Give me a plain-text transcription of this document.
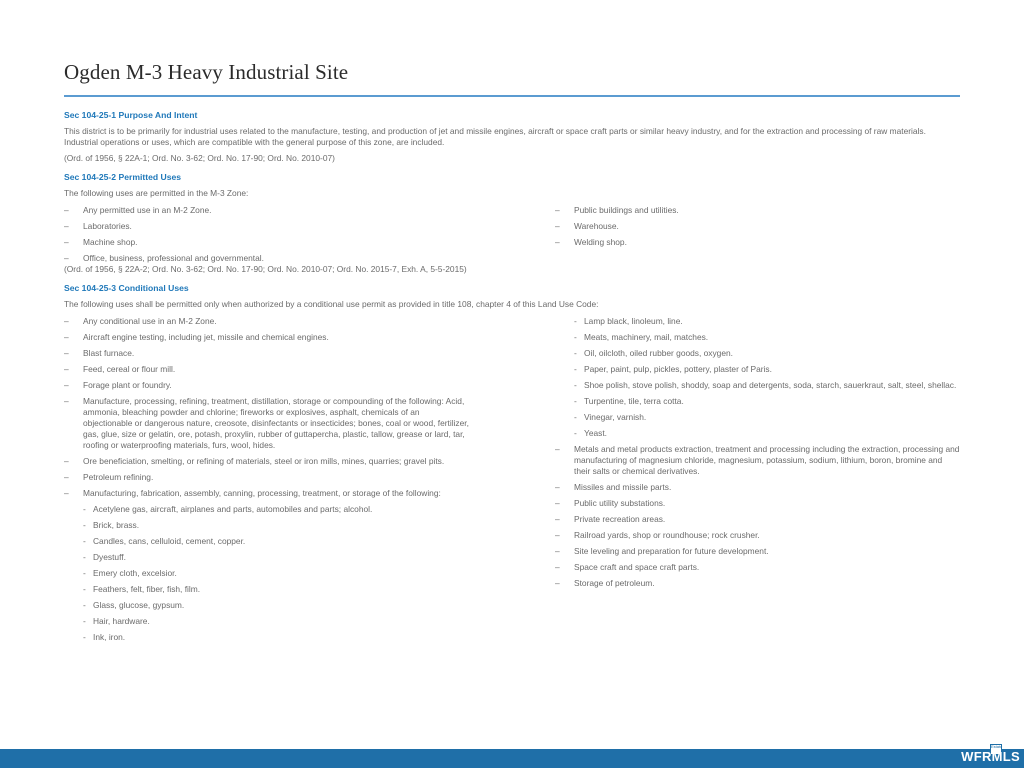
Ogden M-3 Heavy Industrial Site

Sec 104-25-1 Purpose And Intent

This district is to be primarily for industrial uses related to the manufacture, testing, and production of jet and missile engines, aircraft or space craft parts or similar heavy industry, and for the extraction and processing of raw materials. Industrial operations or uses, which are compatible with the general purpose of this zone, are included.

(Ord. of 1956, § 22A-1; Ord. No. 3-62; Ord. No. 17-90; Ord. No. 2010-07)

Sec 104-25-2 Permitted Uses

The following uses are permitted in the M-3 Zone:

–	Any permitted use in an M-2 Zone.
–	Laboratories.
–	Machine shop.
–	Office, business, professional and governmental.
–	Public buildings and utilities.
–	Warehouse.
–	Welding shop.

(Ord. of 1956, § 22A-2; Ord. No. 3-62; Ord. No. 17-90; Ord. No. 2010-07; Ord. No. 2015-7, Exh. A, 5-5-2015)

Sec 104-25-3 Conditional Uses

The following uses shall be permitted only when authorized by a conditional use permit as provided in title 108, chapter 4 of this Land Use Code:

–	Any conditional use in an M-2 Zone.
–	Aircraft engine testing, including jet, missile and chemical engines.
–	Blast furnace.
–	Feed, cereal or flour mill.
–	Forage plant or foundry.
–	Manufacture, processing, refining, treatment, distillation, storage or compounding of the following: Acid, ammonia, bleaching powder and chlorine; fireworks or explosives, asphalt, chemicals of an objectionable or dangerous nature, creosote, disinfectants or insecticides; bones, coal or wood, fertilizer, gas, glue, size or gelatin, ore, potash, proxylin, rubber of guttapercha, plastic, tallow, grease or lard, tar, roofing or waterproofing materials, furs, wool, hides.
–	Ore beneficiation, smelting, or refining of materials, steel or iron mills, mines, quarries; gravel pits.
–	Petroleum refining.
–	Manufacturing, fabrication, assembly, canning, processing, treatment, or storage of the following:
- Acetylene gas, aircraft, airplanes and parts, automobiles and parts; alcohol.
- Brick, brass.
- Candles, cans, celluloid, cement, copper.
- Dyestuff.
- Emery cloth, excelsior.
- Feathers, felt, fiber, fish, film.
- Glass, glucose, gypsum.
- Hair, hardware.
- Ink, iron.
- Lamp black, linoleum, line.
- Meats, machinery, mail, matches.
- Oil, oilcloth, oiled rubber goods, oxygen.
- Paper, paint, pulp, pickles, pottery, plaster of Paris.
- Shoe polish, stove polish, shoddy, soap and detergents, soda, starch, sauerkraut, salt, steel, shellac.
- Turpentine, tile, terra cotta.
- Vinegar, varnish.
- Yeast.
–	Metals and metal products extraction, treatment and processing including the extraction, processing and manufacturing of magnesium chloride, magnesium, potassium, sodium, lithium, boron, bromine and their salts or chemical derivatives.
–	Missiles and missile parts.
–	Public utility substations.
–	Private recreation areas.
–	Railroad yards, shop or roundhouse; rock crusher.
–	Site leveling and preparation for future development.
–	Space craft and space craft parts.
–	Storage of petroleum.
Estate
WFRMLS
